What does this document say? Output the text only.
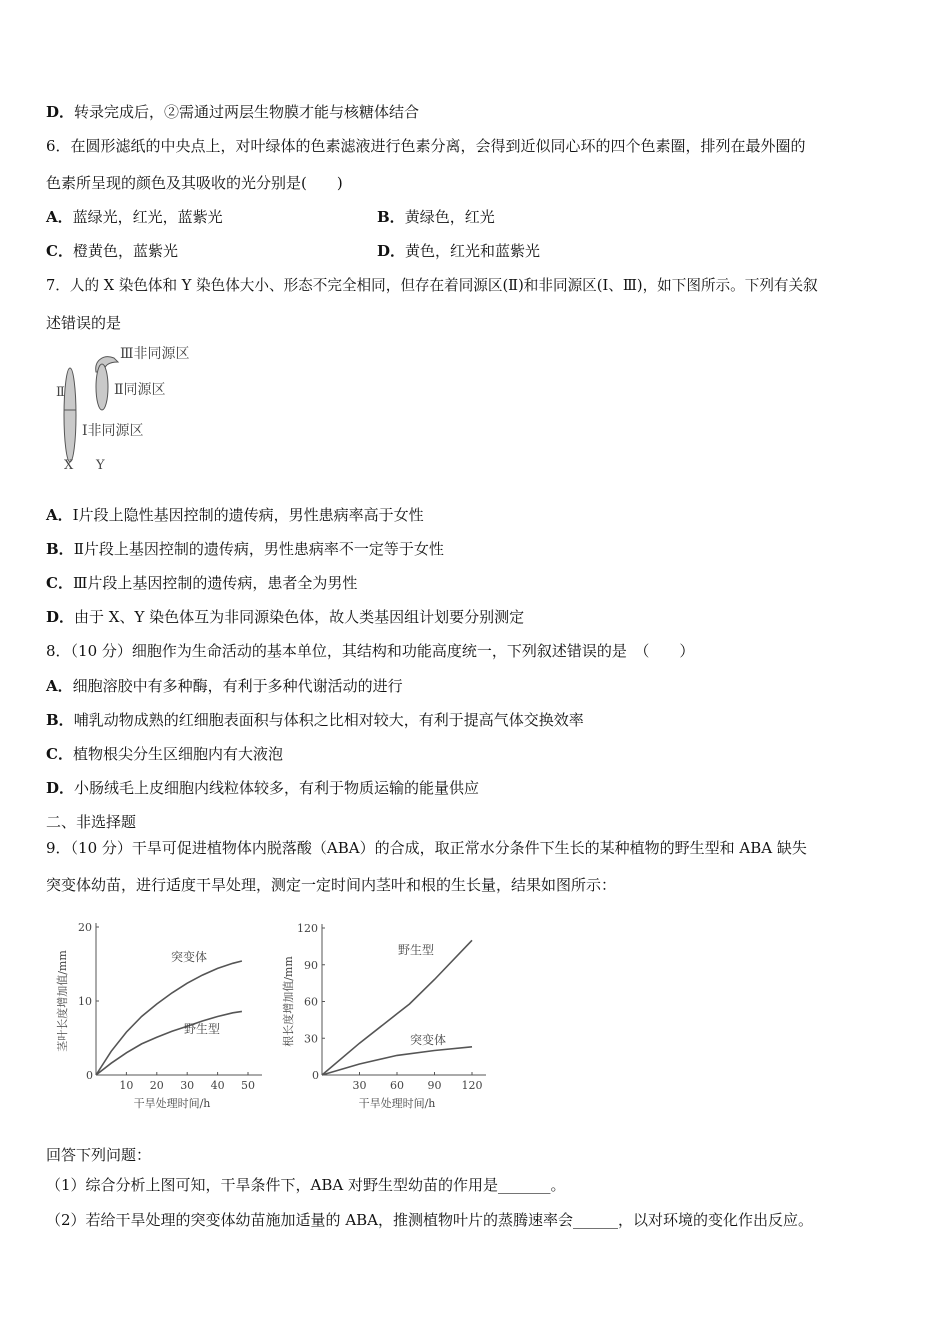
D．转录完成后，②需通过两层生物膜才能与核糖体结合
6．在圆形滤纸的中央点上，对叶绿体的色素滤液进行色素分离，会得到近似同心环的四个色素圈，排列在最外圈的
色素所呈现的颜色及其吸收的光分别是(　　)
A．蓝绿光，红光，蓝紫光	B．黄绿色，红光
C．橙黄色，蓝紫光	D．黄色，红光和蓝紫光
7．人的 X 染色体和 Y 染色体大小、形态不完全相同，但存在着同源区(Ⅱ)和非同源区(Ⅰ、Ⅲ)，如下图所示。下列有关叙
述错误的是
Ⅱ
Ⅲ非同源区
Ⅱ同源区
Ⅰ非同源区
X Y
A．Ⅰ片段上隐性基因控制的遗传病，男性患病率高于女性
B．Ⅱ片段上基因控制的遗传病，男性患病率不一定等于女性
C．Ⅲ片段上基因控制的遗传病，患者全为男性
D．由于 X、Y 染色体互为非同源染色体，故人类基因组计划要分别测定
8．（10 分）细胞作为生命活动的基本单位，其结构和功能高度统一，下列叙述错误的是　（　　）
A．细胞溶胶中有多种酶，有利于多种代谢活动的进行
B．哺乳动物成熟的红细胞表面积与体积之比相对较大，有利于提高气体交换效率
C．植物根尖分生区细胞内有大液泡
D．小肠绒毛上皮细胞内线粒体较多，有利于物质运输的能量供应
二、非选择题
9．（10 分）干旱可促进植物体内脱落酸（ABA）的合成，取正常水分条件下生长的某种植物的野生型和 ABA 缺失
突变体幼苗，进行适度干旱处理，测定一定时间内茎叶和根的生长量，结果如图所示：
0
10 20 30 40 50
10
20
干旱处理时间/h
茎叶长度增加值/mm	突变体
野生型
0
30 60 90 120
30
60
90
120
干旱处理时间/h
根长度增加值/mm
野生型
突变体
回答下列问题：
（1）综合分析上图可知，干旱条件下，ABA 对野生型幼苗的作用是_______。
（2）若给干旱处理的突变体幼苗施加适量的 ABA，推测植物叶片的蒸腾速率会______，以对环境的变化作出反应。
